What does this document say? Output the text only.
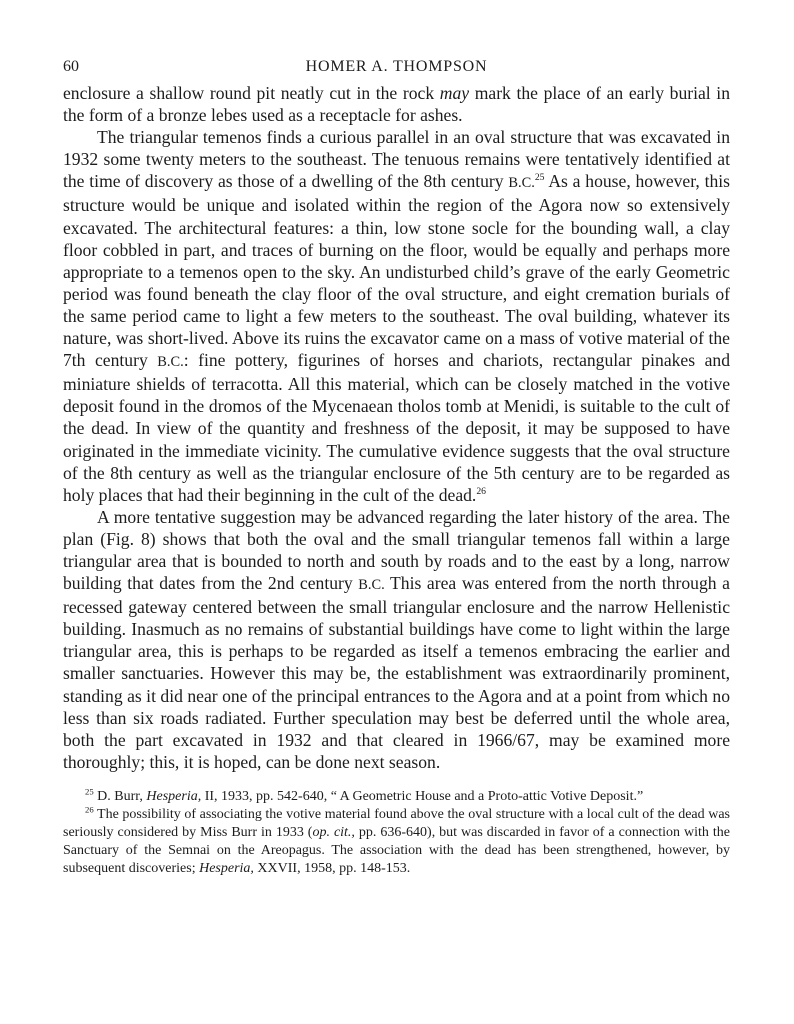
60	HOMER A. THOMPSON

enclosure a shallow round pit neatly cut in the rock may mark the place of an early burial in the form of a bronze lebes used as a receptacle for ashes.

The triangular temenos finds a curious parallel in an oval structure that was excavated in 1932 some twenty meters to the southeast. The tenuous remains were tentatively identified at the time of discovery as those of a dwelling of the 8th century B.C.$^{25}$ As a house, however, this structure would be unique and isolated within the region of the Agora now so extensively excavated. The architectural features: a thin, low stone socle for the bounding wall, a clay floor cobbled in part, and traces of burning on the floor, would be equally and perhaps more appropriate to a temenos open to the sky. An undisturbed child’s grave of the early Geometric period was found beneath the clay floor of the oval structure, and eight cremation burials of the same period came to light a few meters to the southeast. The oval building, whatever its nature, was short-lived. Above its ruins the excavator came on a mass of votive material of the 7th century B.C.: fine pottery, figurines of horses and chariots, rectangular pinakes and miniature shields of terracotta. All this material, which can be closely matched in the votive deposit found in the dromos of the Mycenaean tholos tomb at Menidi, is suitable to the cult of the dead. In view of the quantity and freshness of the deposit, it may be supposed to have originated in the immediate vicinity. The cumulative evidence suggests that the oval structure of the 8th century as well as the triangular enclosure of the 5th century are to be regarded as holy places that had their beginning in the cult of the dead.$^{26}$

A more tentative suggestion may be advanced regarding the later history of the area. The plan (Fig. 8) shows that both the oval and the small triangular temenos fall within a large triangular area that is bounded to north and south by roads and to the east by a long, narrow building that dates from the 2nd century B.C. This area was entered from the north through a recessed gateway centered between the small triangular enclosure and the narrow Hellenistic building. Inasmuch as no remains of substantial buildings have come to light within the large triangular area, this is perhaps to be regarded as itself a temenos embracing the earlier and smaller sanctuaries. However this may be, the establishment was extraordinarily prominent, standing as it did near one of the principal entrances to the Agora and at a point from which no less than six roads radiated. Further speculation may best be deferred until the whole area, both the part excavated in 1932 and that cleared in 1966/67, may be examined more thoroughly; this, it is hoped, can be done next season.

$^{25}$ D. Burr, Hesperia, II, 1933, pp. 542-640, “ A Geometric House and a Proto-attic Votive Deposit.”

$^{26}$ The possibility of associating the votive material found above the oval structure with a local cult of the dead was seriously considered by Miss Burr in 1933 (op. cit., pp. 636-640), but was discarded in favor of a connection with the Sanctuary of the Semnai on the Areopagus. The association with the dead has been strengthened, however, by subsequent discoveries; Hesperia, XXVII, 1958, pp. 148-153.
